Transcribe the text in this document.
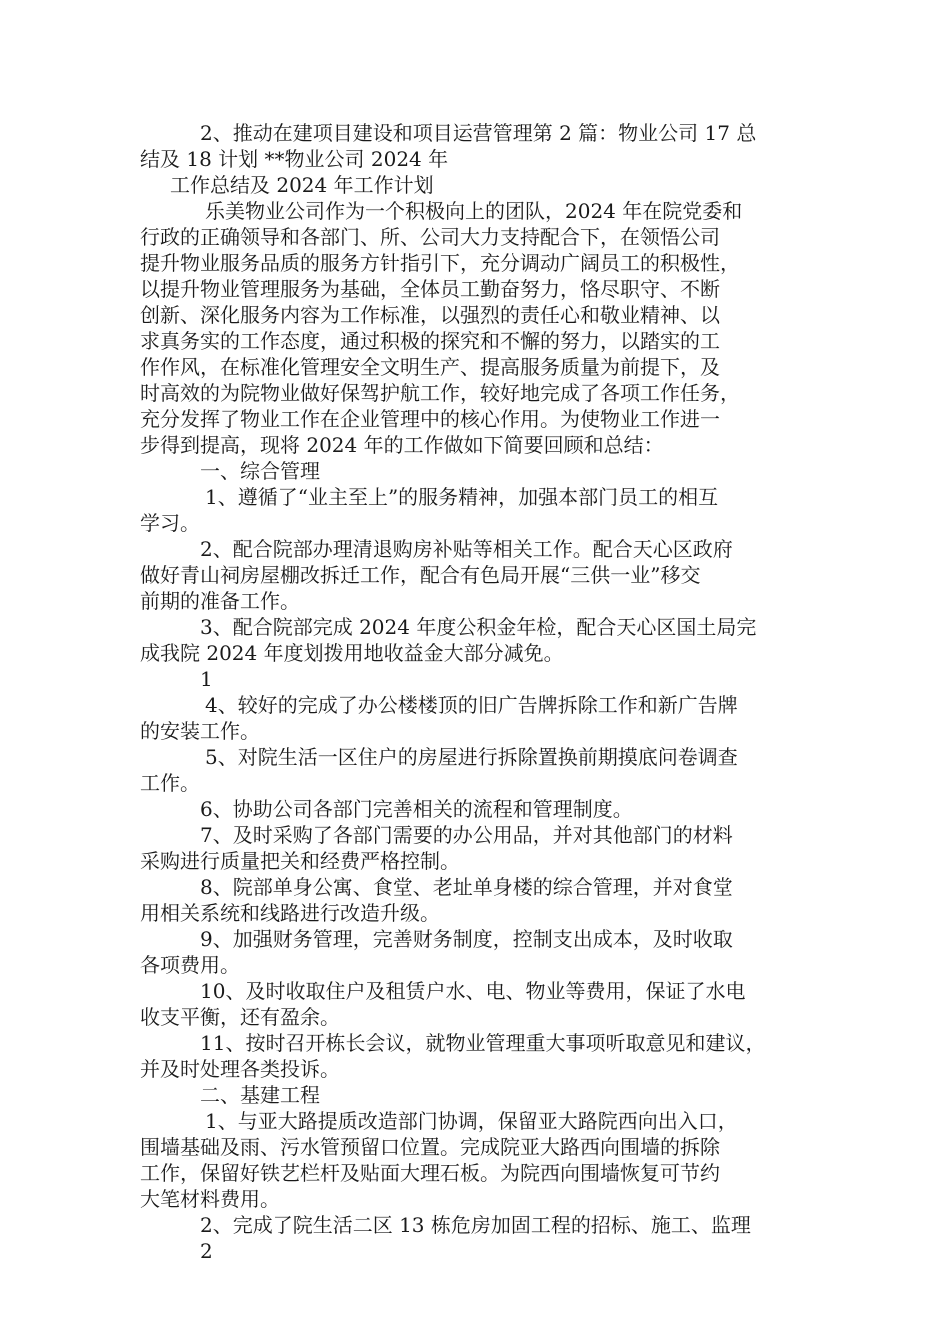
2、推动在建项目建设和项目运营管理第 2 篇：物业公司 17 总
结及 18 计划 **物业公司 2024 年
工作总结及 2024 年工作计划
乐美物业公司作为一个积极向上的团队，2024 年在院党委和
行政的正确领导和各部门、所、公司大力支持配合下，在领悟公司
提升物业服务品质的服务方针指引下，充分调动广阔员工的积极性，
以提升物业管理服务为基础，全体员工勤奋努力，恪尽职守、不断
创新、深化服务内容为工作标准，以强烈的责任心和敬业精神、以
求真务实的工作态度，通过积极的探究和不懈的努力，以踏实的工
作作风，在标准化管理安全文明生产、提高服务质量为前提下，及
时高效的为院物业做好保驾护航工作，较好地完成了各项工作任务，
充分发挥了物业工作在企业管理中的核心作用。为使物业工作进一
步得到提高，现将 2024 年的工作做如下简要回顾和总结：
一、综合管理
1、遵循了“业主至上”的服务精神，加强本部门员工的相互
学习。
2、配合院部办理清退购房补贴等相关工作。配合天心区政府
做好青山祠房屋棚改拆迁工作，配合有色局开展“三供一业”移交
前期的准备工作。
3、配合院部完成 2024 年度公积金年检，配合天心区国土局完
成我院 2024 年度划拨用地收益金大部分减免。
1
4、较好的完成了办公楼楼顶的旧广告牌拆除工作和新广告牌
的安装工作。
5、对院生活一区住户的房屋进行拆除置换前期摸底问卷调查
工作。
6、协助公司各部门完善相关的流程和管理制度。
7、及时采购了各部门需要的办公用品，并对其他部门的材料
采购进行质量把关和经费严格控制。
8、院部单身公寓、食堂、老址单身楼的综合管理，并对食堂
用相关系统和线路进行改造升级。
9、加强财务管理，完善财务制度，控制支出成本，及时收取
各项费用。
10、及时收取住户及租赁户水、电、物业等费用，保证了水电
收支平衡，还有盈余。
11、按时召开栋长会议，就物业管理重大事项听取意见和建议，
并及时处理各类投诉。
二、基建工程
1、与亚大路提质改造部门协调，保留亚大路院西向出入口，
围墙基础及雨、污水管预留口位置。完成院亚大路西向围墙的拆除
工作，保留好铁艺栏杆及贴面大理石板。为院西向围墙恢复可节约
大笔材料费用。
2、完成了院生活二区 13 栋危房加固工程的招标、施工、监理
2
